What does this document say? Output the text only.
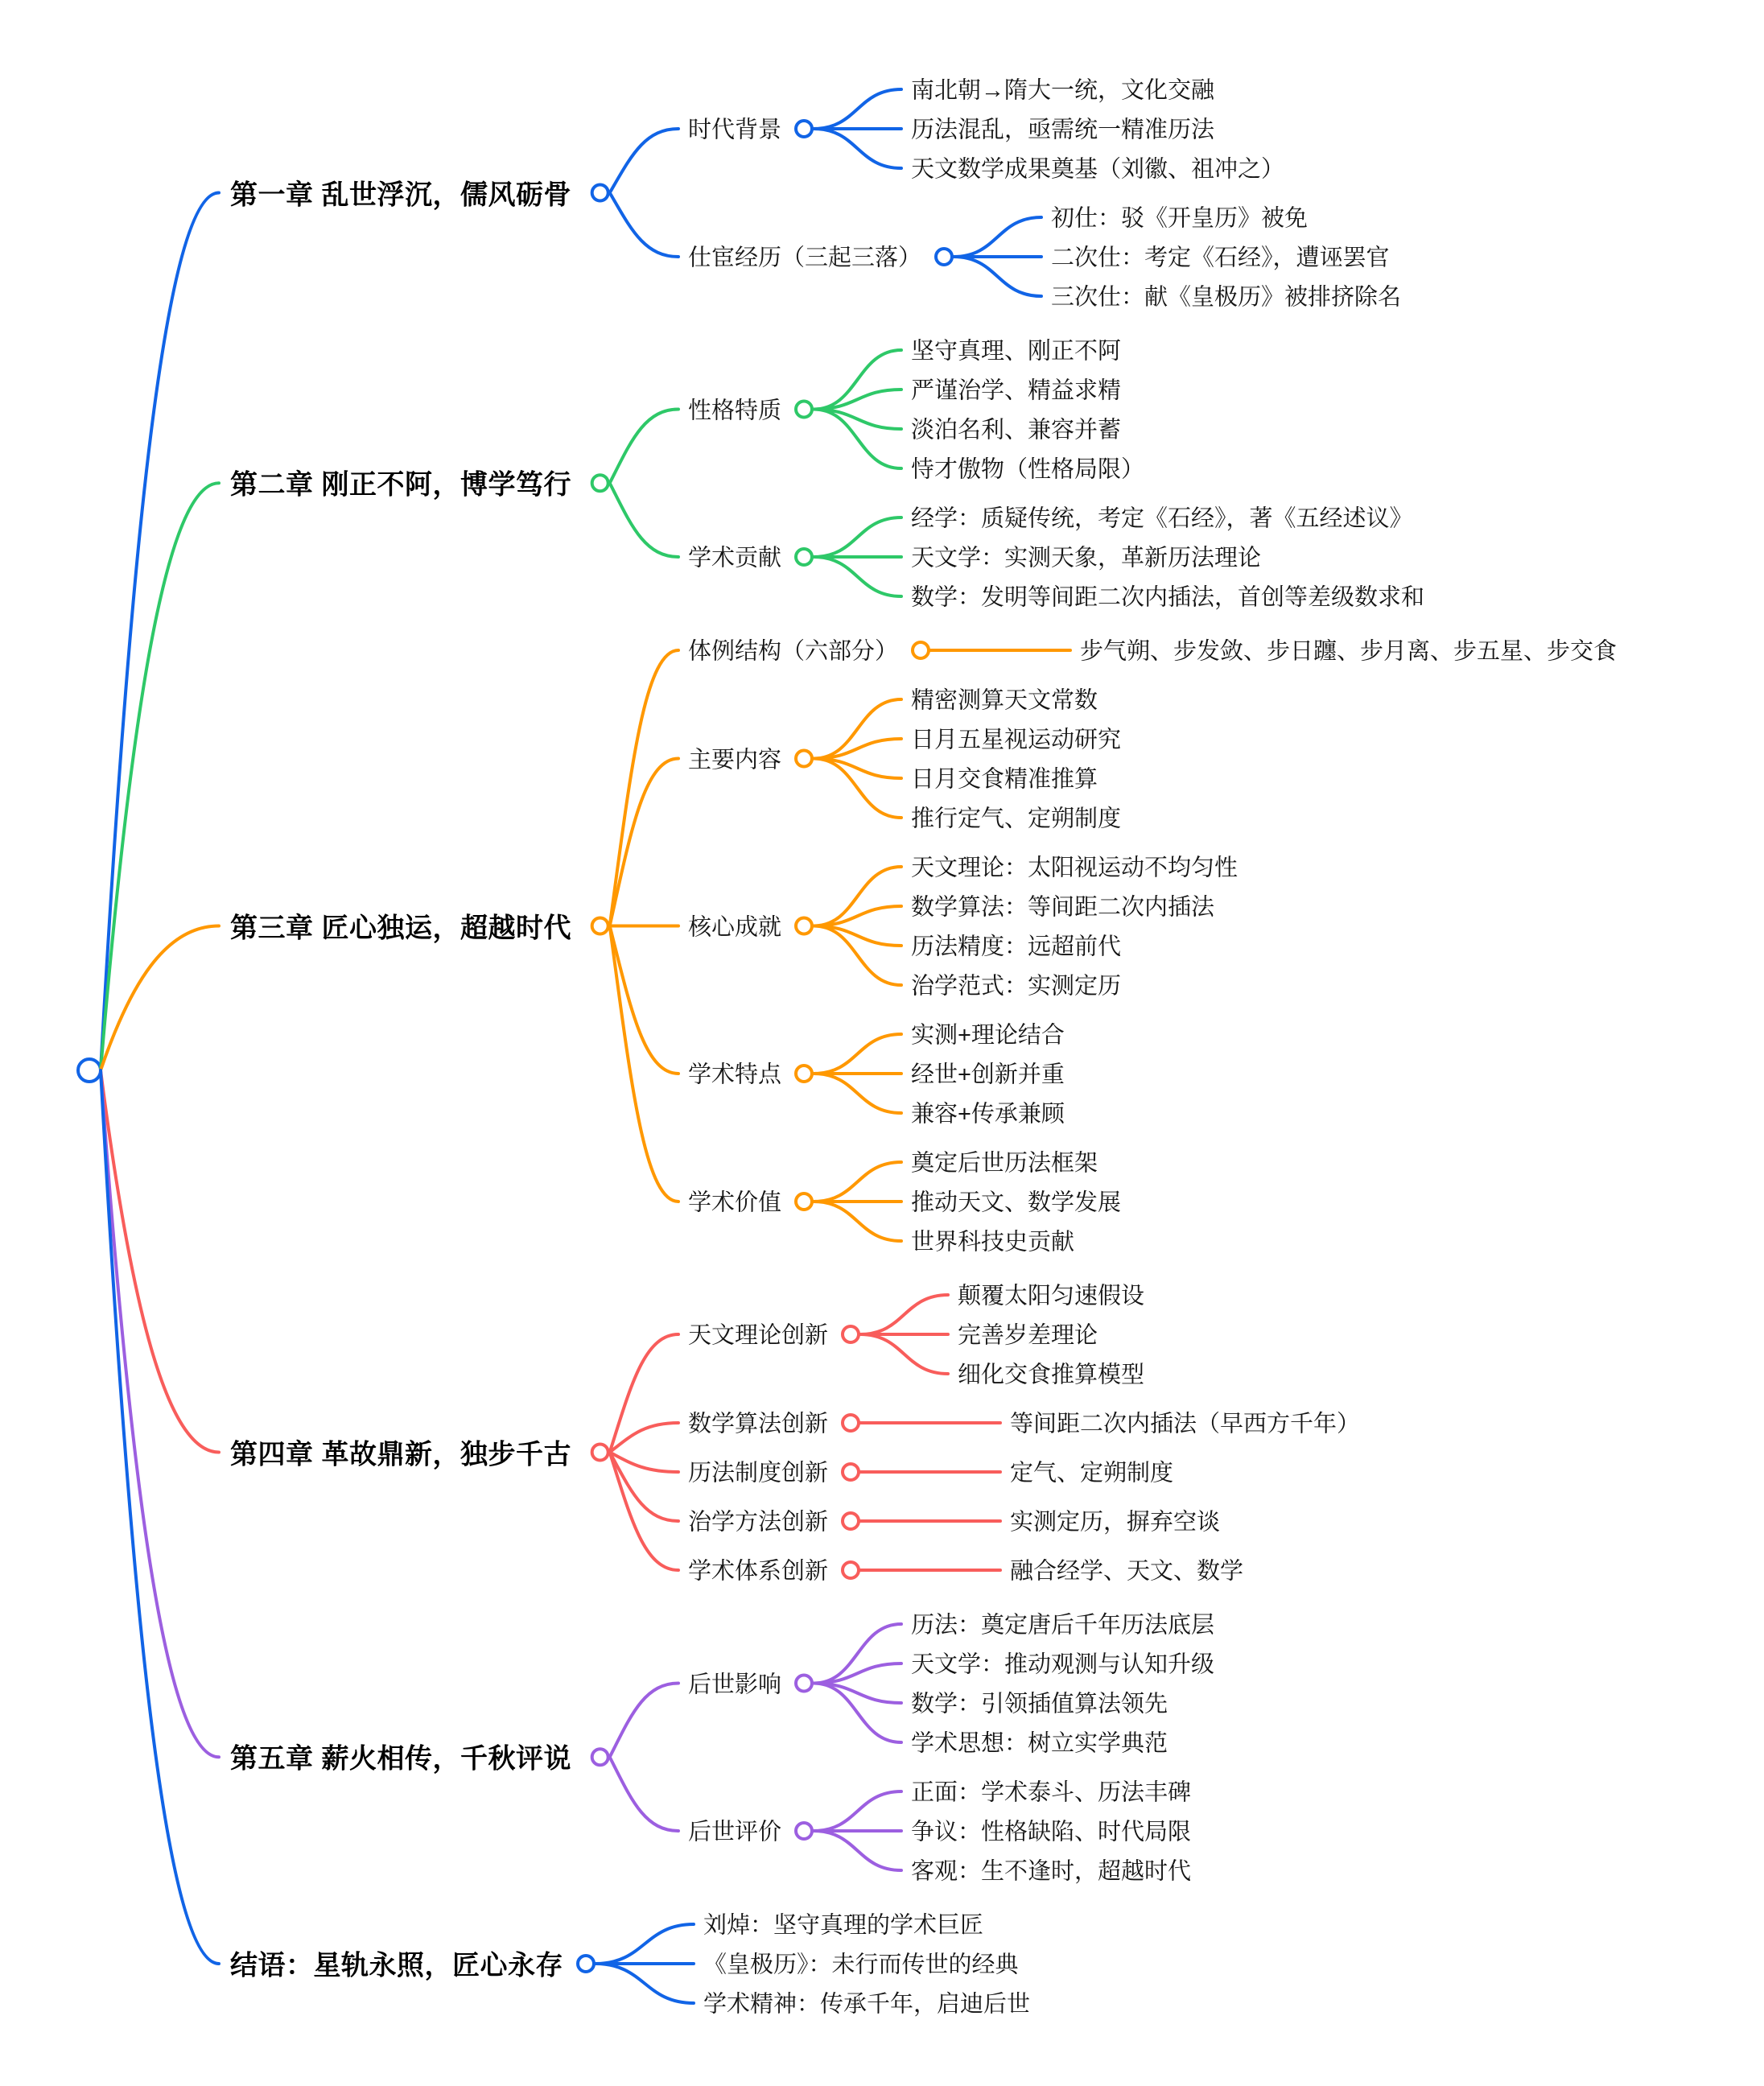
第一章 乱世浮沉，儒风砺骨
时代背景
南北朝→隋大一统，文化交融
历法混乱，亟需统一精准历法
天文数学成果奠基（刘徽、祖冲之）
仕宦经历（三起三落）
初仕：驳《开皇历》被免
二次仕：考定《石经》，遭诬罢官
三次仕：献《皇极历》被排挤除名
第二章 刚正不阿，博学笃行
性格特质
坚守真理、刚正不阿
严谨治学、精益求精
淡泊名利、兼容并蓄
恃才傲物（性格局限）
学术贡献
经学：质疑传统，考定《石经》，著《五经述议》
天文学：实测天象，革新历法理论
数学：发明等间距二次内插法，首创等差级数求和
第三章 匠心独运，超越时代
体例结构（六部分）	步气朔、步发敛、步日躔、步月离、步五星、步交食
主要内容
精密测算天文常数
日月五星视运动研究
日月交食精准推算
推行定气、定朔制度
核心成就
天文理论：太阳视运动不均匀性
数学算法：等间距二次内插法
历法精度：远超前代
治学范式：实测定历
学术特点
实测+理论结合
经世+创新并重
兼容+传承兼顾
学术价值
奠定后世历法框架
推动天文、数学发展
世界科技史贡献
第四章 革故鼎新，独步千古
天文理论创新
颠覆太阳匀速假设
完善岁差理论
细化交食推算模型
数学算法创新	等间距二次内插法（早西方千年）
历法制度创新	定气、定朔制度
治学方法创新	实测定历，摒弃空谈
学术体系创新	融合经学、天文、数学
第五章 薪火相传，千秋评说
后世影响
历法：奠定唐后千年历法底层
天文学：推动观测与认知升级
数学：引领插值算法领先
学术思想：树立实学典范
后世评价
正面：学术泰斗、历法丰碑
争议：性格缺陷、时代局限
客观：生不逢时，超越时代
结语：星轨永照，匠心永存
刘焯：坚守真理的学术巨匠
《皇极历》：未行而传世的经典
学术精神：传承千年，启迪后世
